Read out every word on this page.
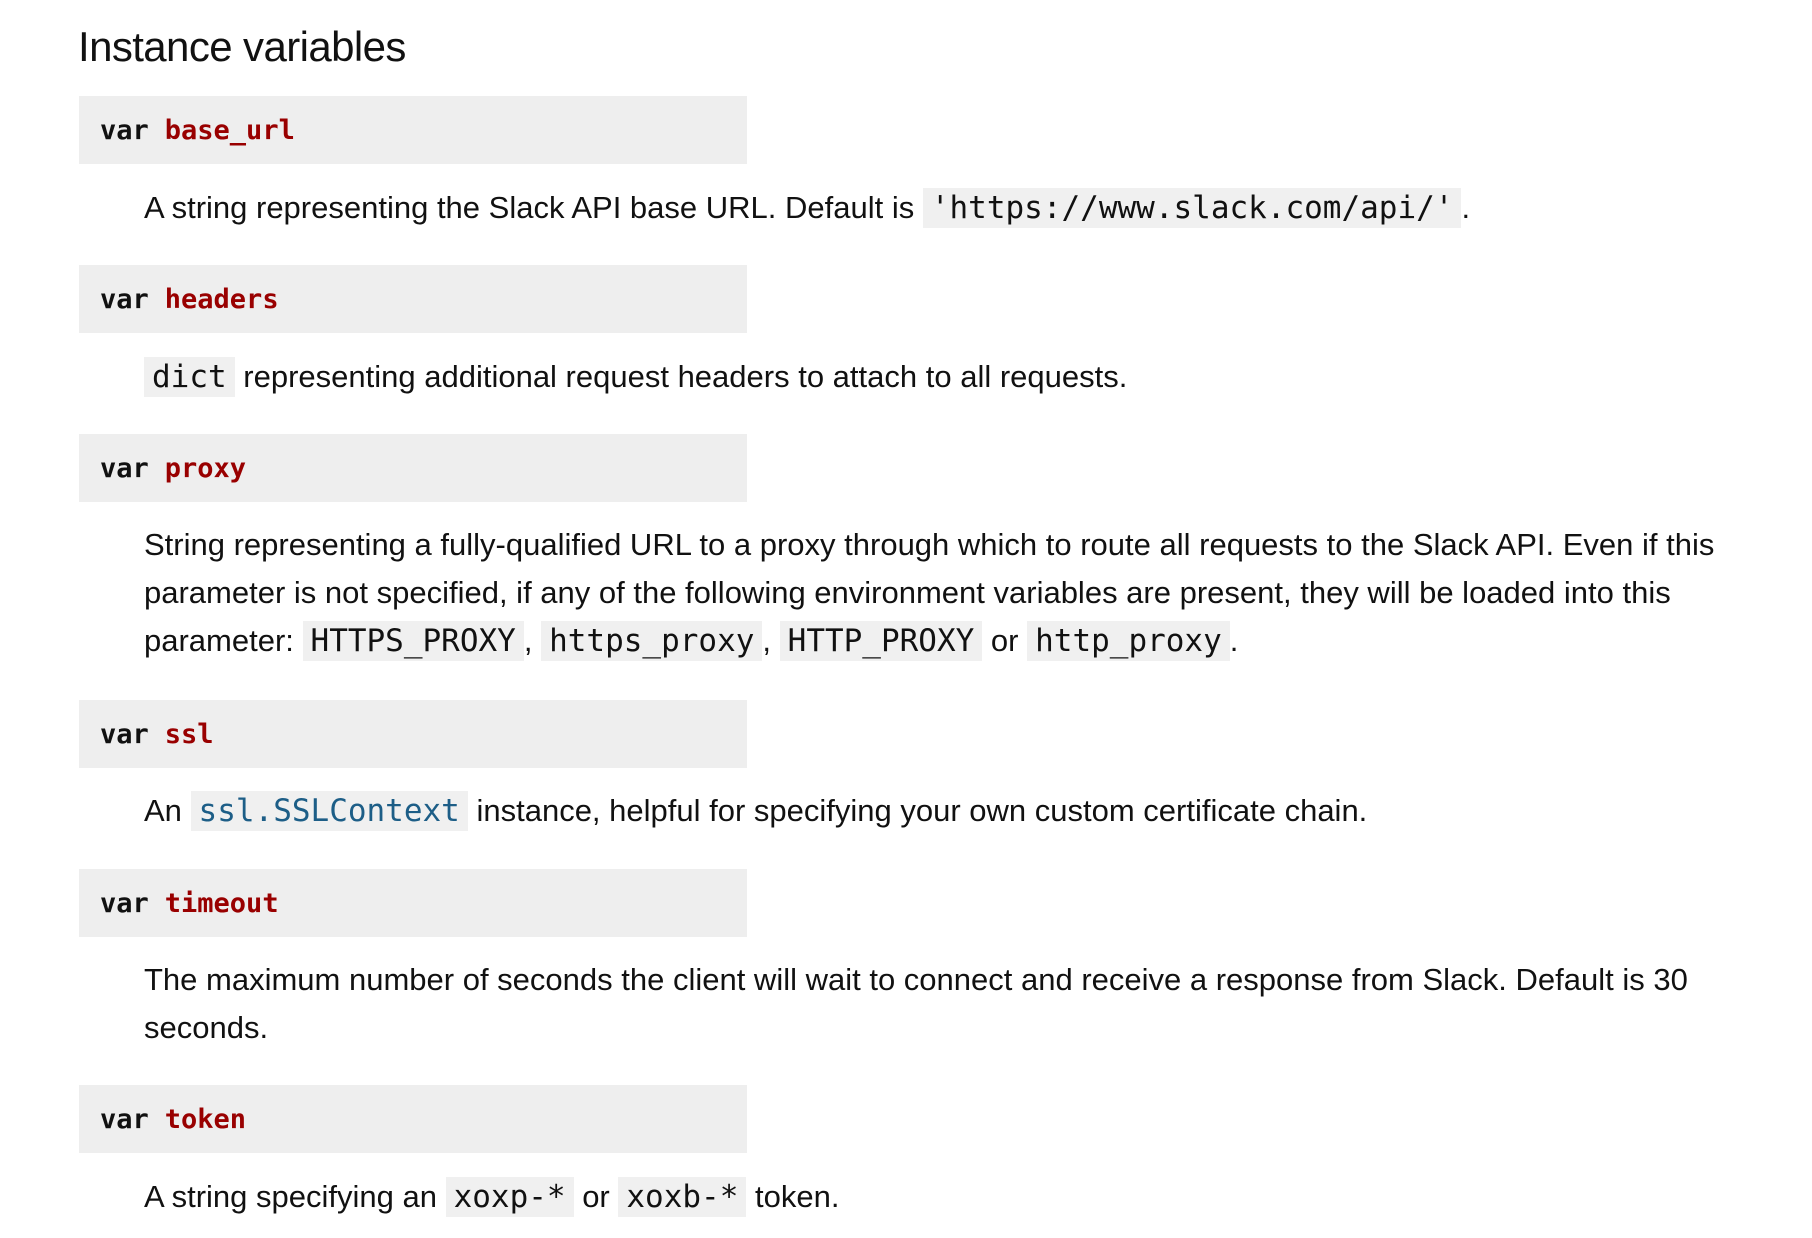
Instance variables
var base_url

A string representing the Slack API base URL. Default is 'https://www.slack.com/api/' .

var headers

dict representing additional request headers to attach to all requests.

var proxy

String representing a fully-qualified URL to a proxy through which to route all requests to the Slack API. Even if this parameter is not specified, if any of the following environment variables are present, they will be loaded into this parameter: HTTPS_PROXY , https_proxy , HTTP_PROXY or http_proxy .

var ssl

An ssl.SSLContext instance, helpful for specifying your own custom certificate chain.

var timeout

The maximum number of seconds the client will wait to connect and receive a response from Slack. Default is 30 seconds.

var token

A string specifying an xoxp-* or xoxb-* token.
